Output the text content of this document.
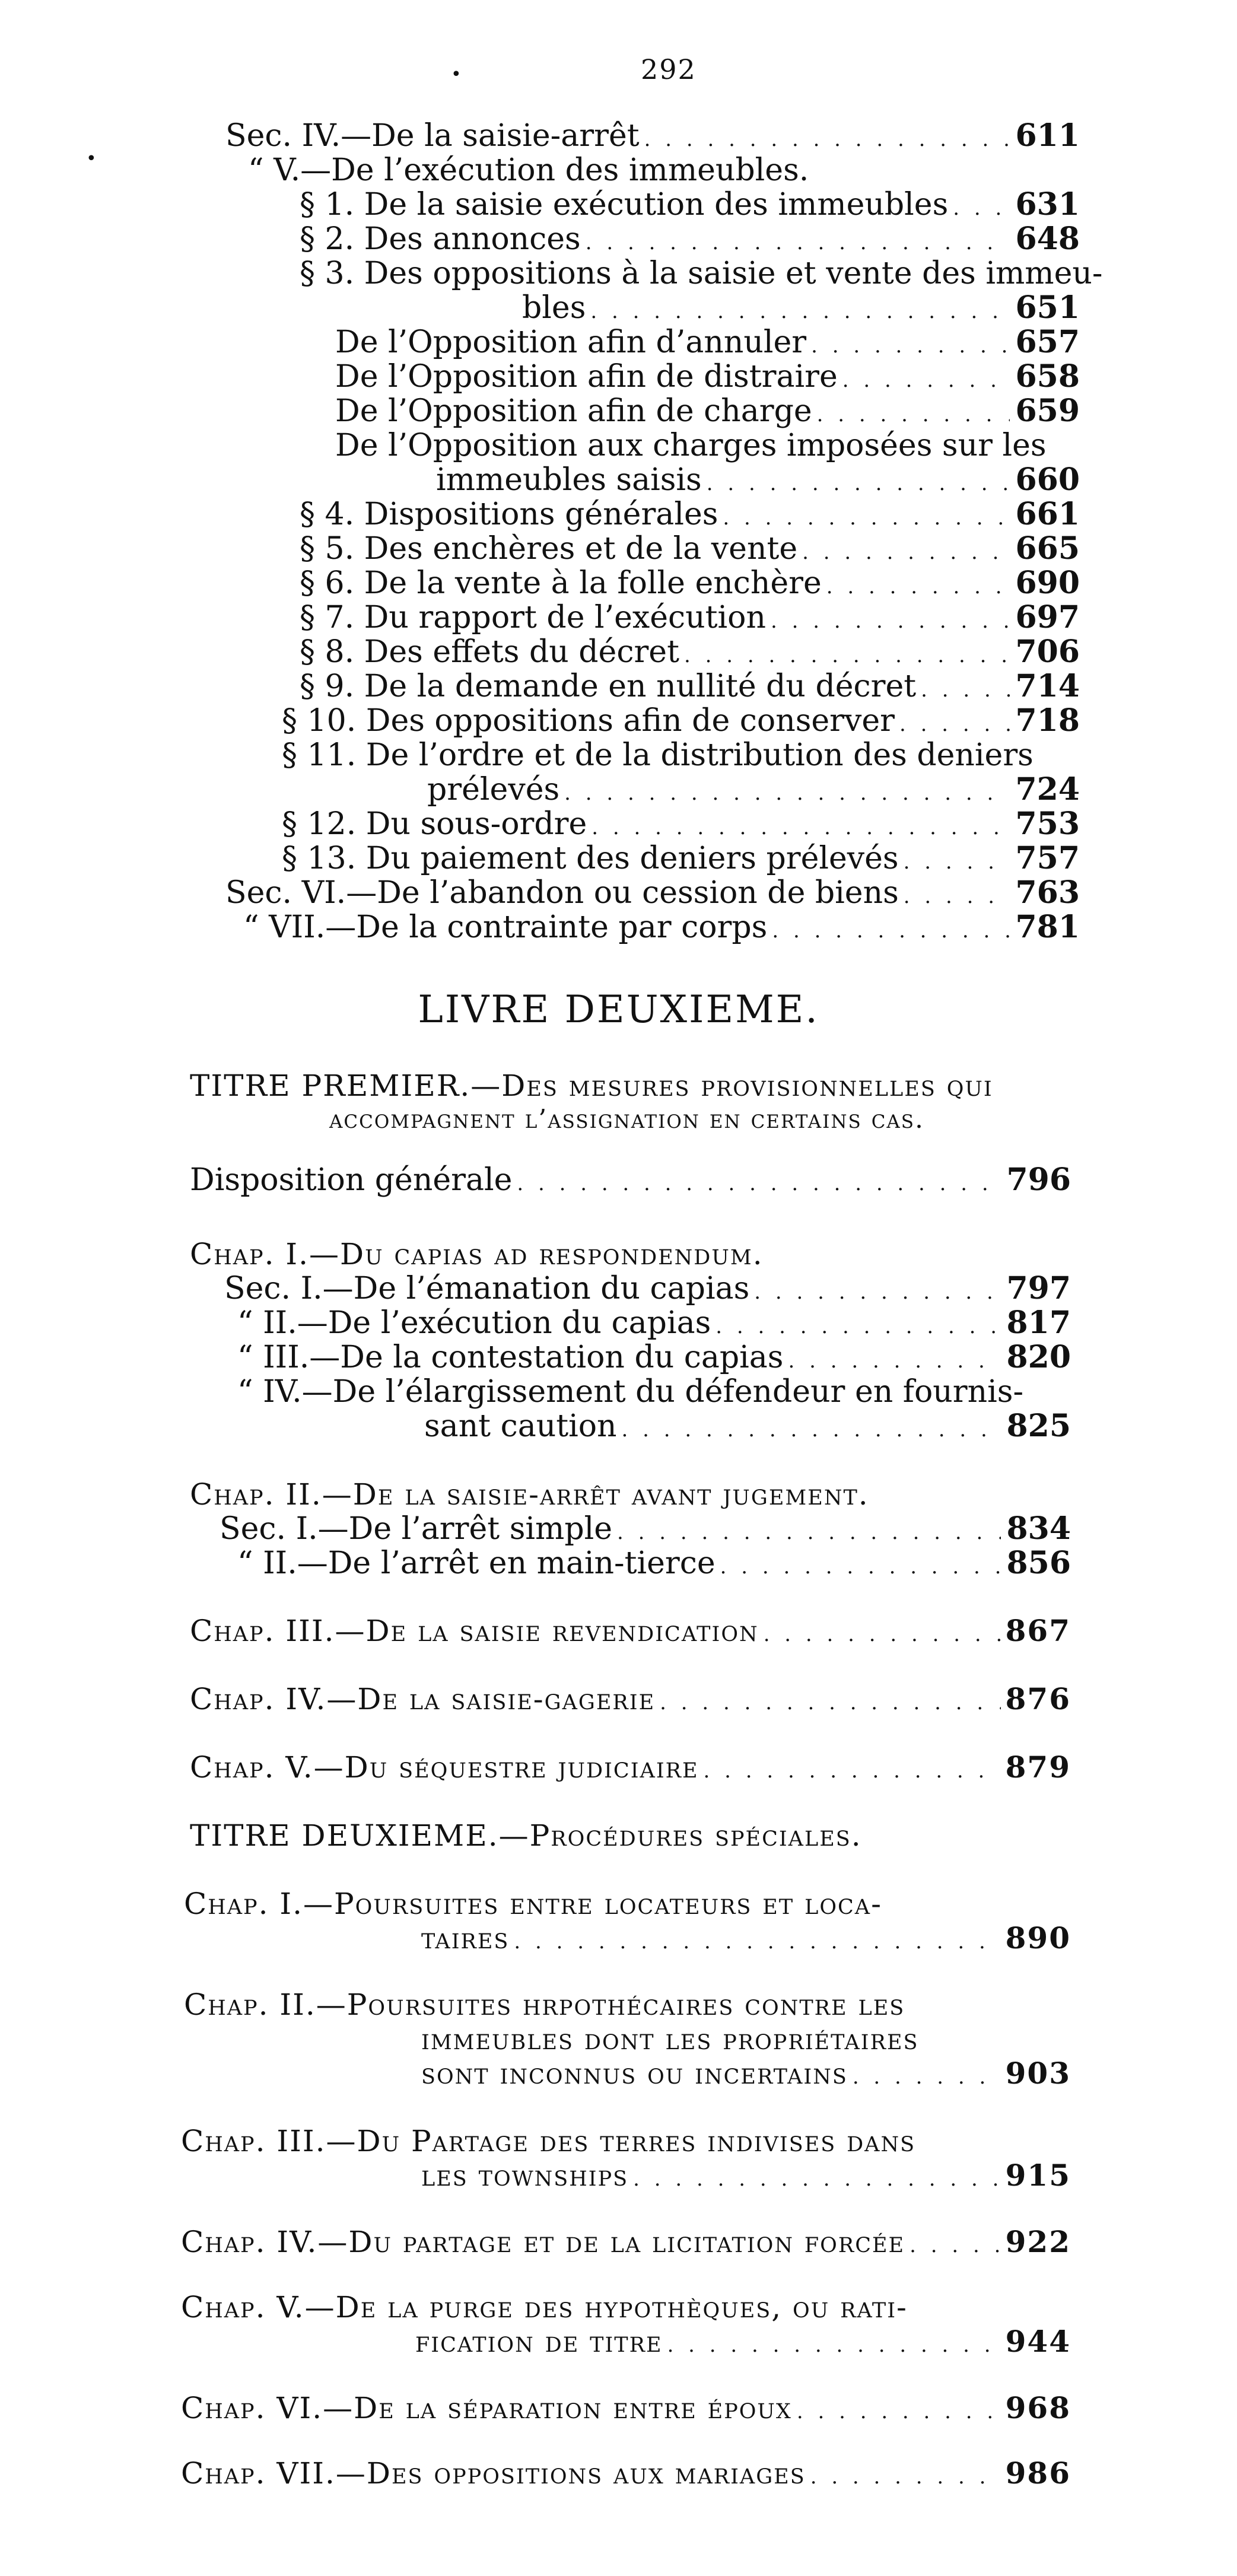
•
•
292
Sec. IV.—De la saisie-arrêt . . .	611
“ V.—De l’exécution des immeubles.
§ 1. De la saisie exécution des immeubles . . . 631
§ 2. Des annonces . . .	648
§ 3. Des oppositions à la saisie et vente des immeu-
bles . . .	651
De l’Opposition afin d’annuler . . .	657
De l’Opposition afin de distraire . . .	658
De l’Opposition afin de charge . . .	659
De l’Opposition aux charges imposées sur les
immeubles saisis . . .	660
§ 4. Dispositions générales . . .	661
§ 5. Des enchères et de la vente . . .	665
§ 6. De la vente à la folle enchère . . .	690
§ 7. Du rapport de l’exécution . . .	697
§ 8. Des effets du décret . . .	706
§ 9. De la demande en nullité du décret . . .	714
§ 10. Des oppositions afin de conserver . . .	718
§ 11. De l’ordre et de la distribution des deniers
prélevés . . .	724
§ 12. Du sous-ordre . . .	753
§ 13. Du paiement des deniers prélevés . . .	757
Sec. VI.—De l’abandon ou cession de biens . . .	763
“ VII.—De la contrainte par corps . . .	781
LIVRE DEUXIEME.
TITRE PREMIER.—Des mesures provisionnelles qui
accompagnent l’assignation en certains cas.
Disposition générale . . .	796
Chap. I.—Du capias ad respondendum.
Sec. I.—De l’émanation du capias . . .	797
“ II.—De l’exécution du capias . . .	817
“ III.—De la contestation du capias . . .	820
“ IV.—De l’élargissement du défendeur en fournis-
sant caution . . .	825
Chap. II.—De la saisie-arrêt avant jugement.
Sec. I.—De l’arrêt simple . . .	834
“ II.—De l’arrêt en main-tierce . . .	856
Chap. III.—De la saisie revendication . . .	867
Chap. IV.—De la saisie-gagerie . . .	876
Chap. V.—Du séquestre judiciaire . . .	879
TITRE DEUXIEME.—Procédures spéciales.
Chap. I.—Poursuites entre locateurs et loca-
taires . . .	890
Chap. II.—Poursuites hrpothécaires contre les
immeubles dont les propriétaires
sont inconnus ou incertains . . .	903
Chap. III.—Du Partage des terres indivises dans
les townships . . .	915
Chap. IV.—Du partage et de la licitation forcée . . .	922
Chap. V.—De la purge des hypothèques, ou rati-
fication de titre . . .	944
Chap. VI.—De la séparation entre époux . . .	968
Chap. VII.—Des oppositions aux mariages . . .	986
